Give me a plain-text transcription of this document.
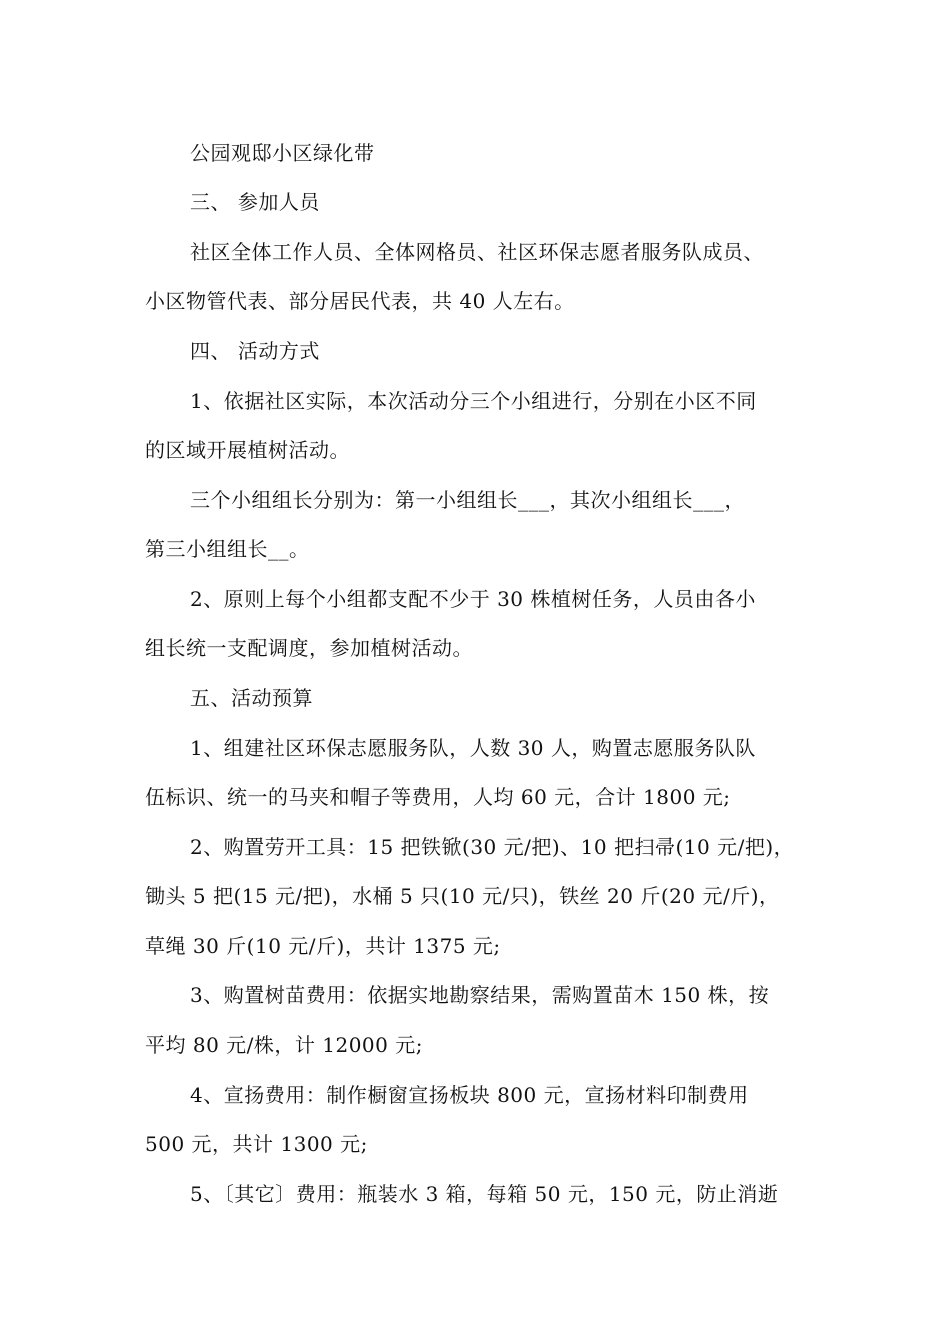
公园观邸小区绿化带
三、 参加人员
社区全体工作人员、全体网格员、社区环保志愿者服务队成员、
小区物管代表、部分居民代表，共 40 人左右。
四、 活动方式
1、依据社区实际，本次活动分三个小组进行，分别在小区不同
的区域开展植树活动。
三个小组组长分别为：第一小组组长___，其次小组组长___，
第三小组组长__。
2、原则上每个小组都支配不少于 30 株植树任务，人员由各小
组长统一支配调度，参加植树活动。
五、活动预算
1、组建社区环保志愿服务队，人数 30 人，购置志愿服务队队
伍标识、统一的马夹和帽子等费用，人均 60 元，合计 1800 元;
2、购置劳开工具：15 把铁锨(30 元/把)、10 把扫帚(10 元/把)，
锄头 5 把(15 元/把)，水桶 5 只(10 元/只)，铁丝 20 斤(20 元/斤)，
草绳 30 斤(10 元/斤)，共计 1375 元;
3、购置树苗费用：依据实地勘察结果，需购置苗木 150 株，按
平均 80 元/株，计 12000 元;
4、宣扬费用：制作橱窗宣扬板块 800 元，宣扬材料印制费用
500 元，共计 1300 元;
5、〔其它〕费用：瓶装水 3 箱，每箱 50 元，150 元，防止消逝
